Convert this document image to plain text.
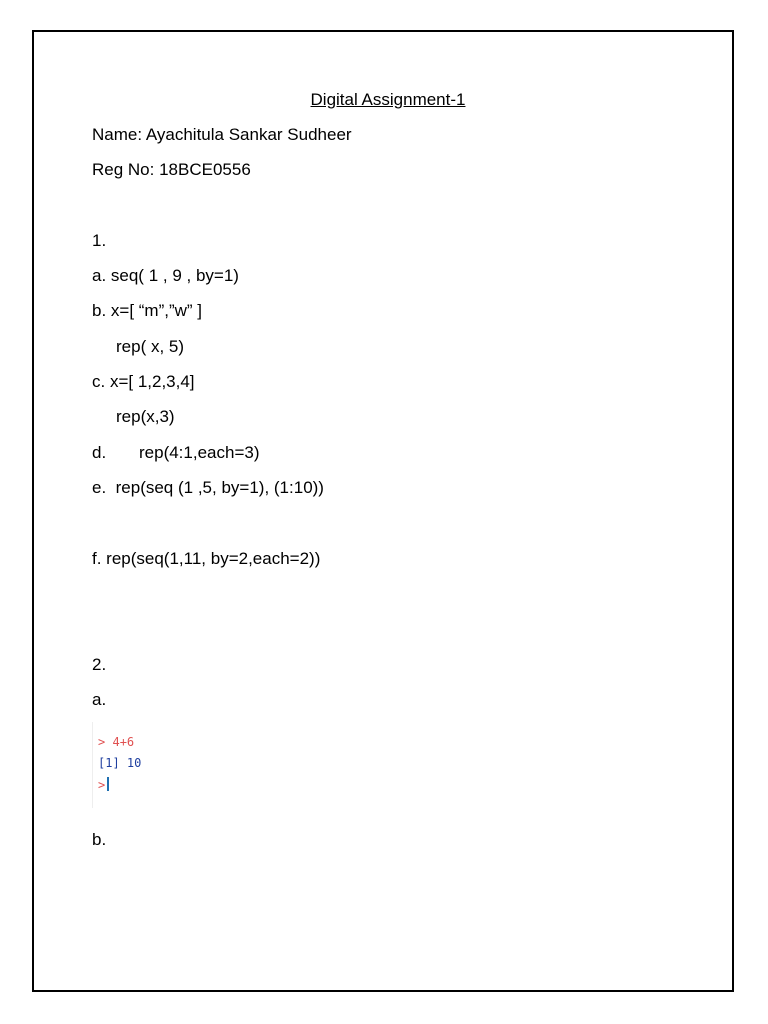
Digital Assignment-1
Name: Ayachitula Sankar Sudheer
Reg No: 18BCE0556
1.
a. seq( 1 , 9 , by=1)
b. x=[ “m”,”w” ]
rep( x, 5)
c. x=[ 1,2,3,4]
rep(x,3)
d. rep(4:1,each=3)
e.  rep(seq (1 ,5, by=1), (1:10))
f. rep(seq(1,11, by=2,each=2))
2.
a.
> 4+6
[1] 10
>
b.
